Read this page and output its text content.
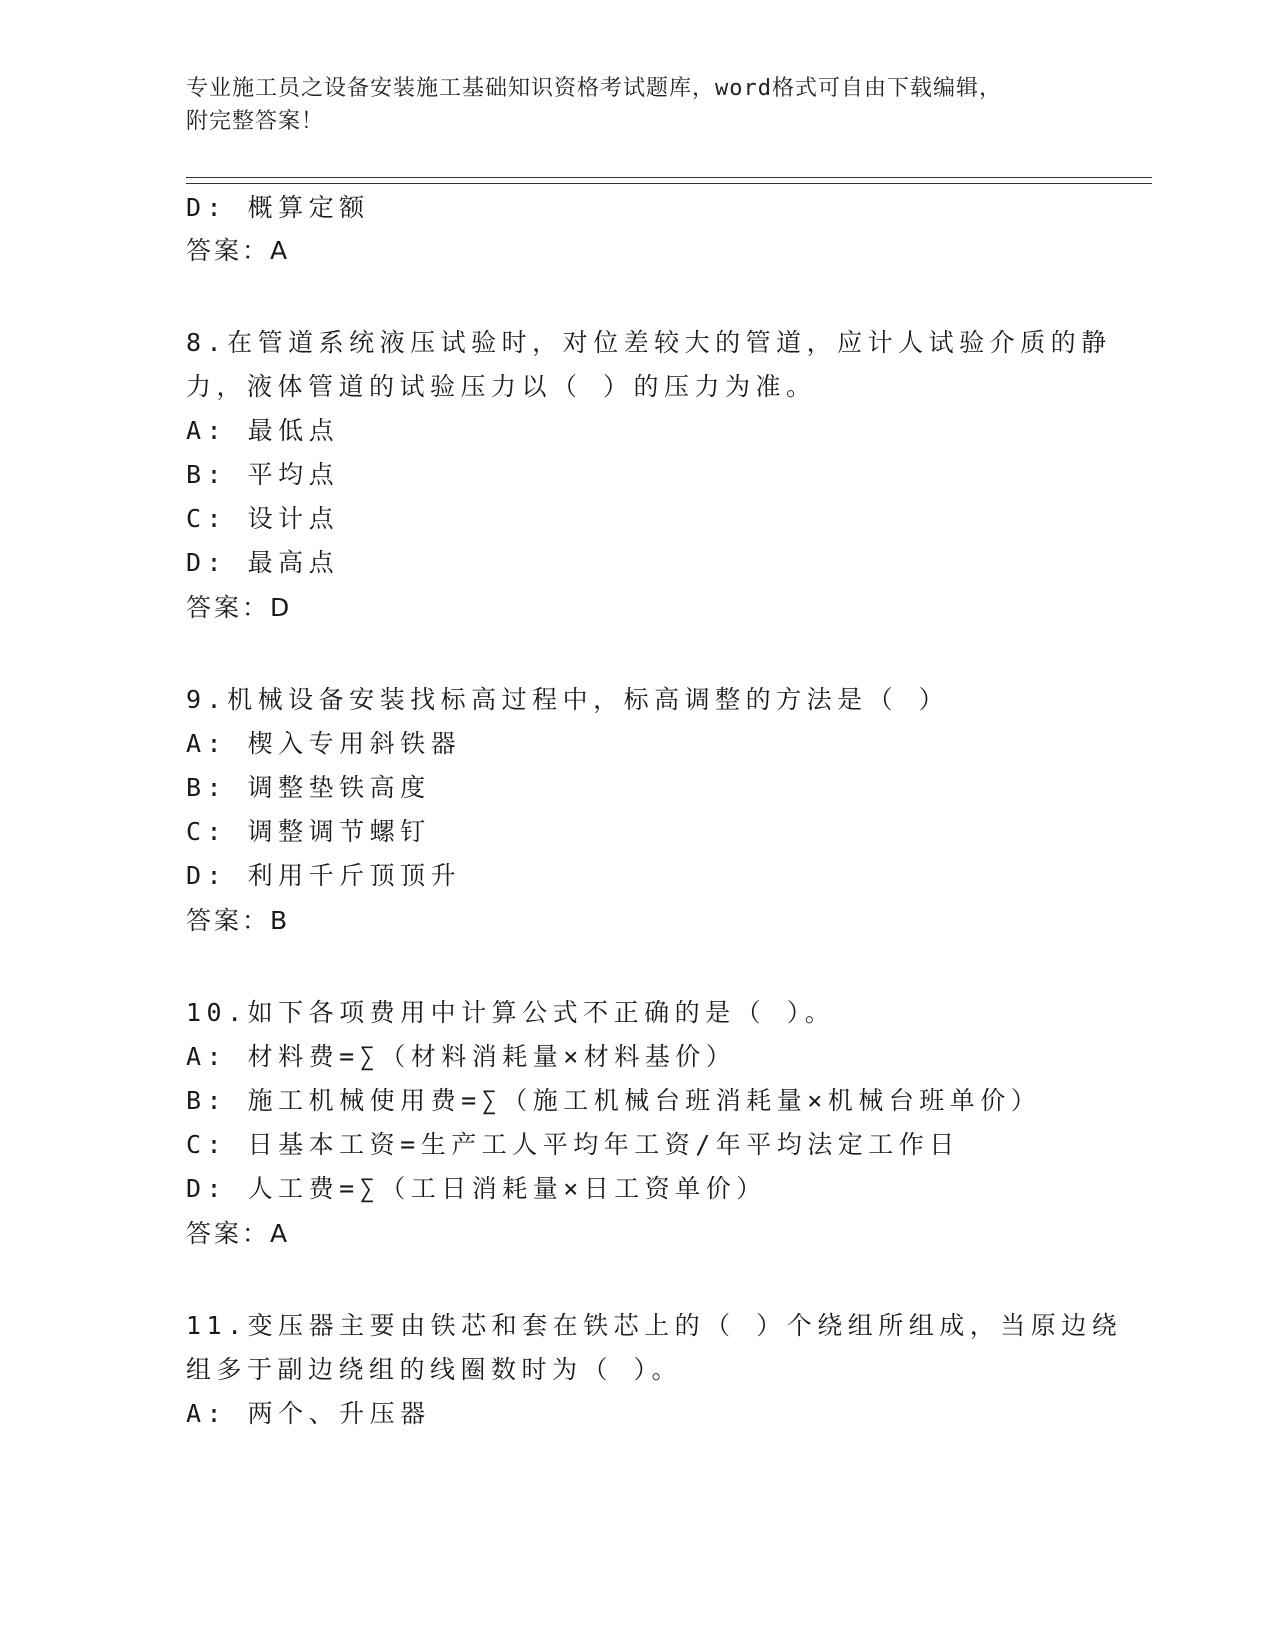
专业施工员之设备安装施工基础知识资格考试题库，word格式可自由下载编辑，
附完整答案！
D: 概算定额
答案：A
8.在管道系统液压试验时，对位差较大的管道，应计人试验介质的静
力，液体管道的试验压力以（ ）的压力为准。
A: 最低点
B: 平均点
C: 设计点
D: 最高点
答案：D
9.机械设备安装找标高过程中，标高调整的方法是（ ）
A: 楔入专用斜铁器
B: 调整垫铁高度
C: 调整调节螺钉
D: 利用千斤顶顶升
答案：B
10.如下各项费用中计算公式不正确的是（ ）。
A: 材料费=∑（材料消耗量×材料基价）
B: 施工机械使用费=∑（施工机械台班消耗量×机械台班单价）
C: 日基本工资=生产工人平均年工资/年平均法定工作日
D: 人工费=∑（工日消耗量×日工资单价）
答案：A
11.变压器主要由铁芯和套在铁芯上的（ ）个绕组所组成，当原边绕
组多于副边绕组的线圈数时为（ ）。
A: 两个、升压器
